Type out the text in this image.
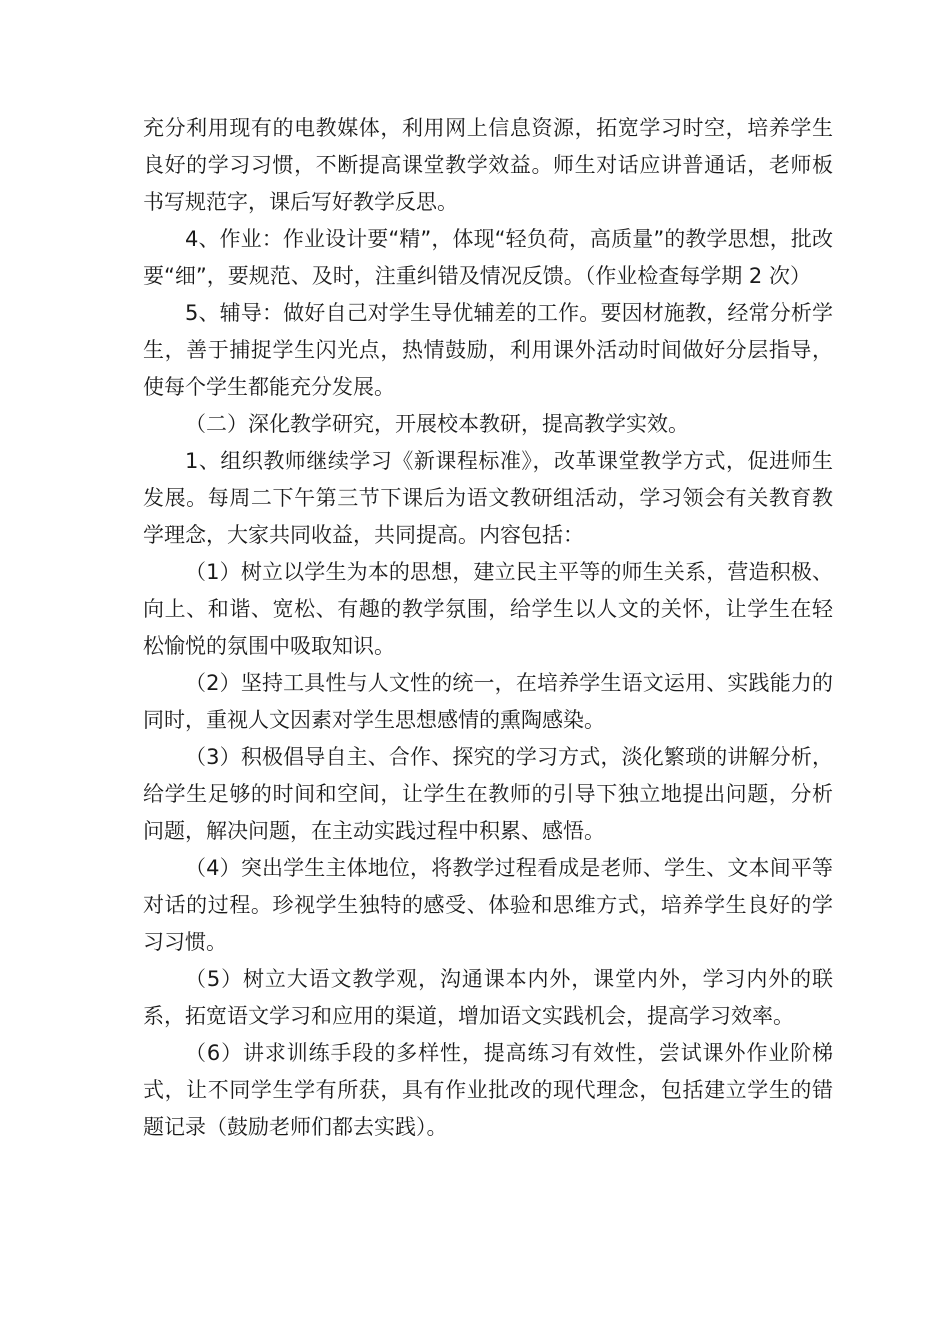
充分利用现有的电教媒体，利用网上信息资源，拓宽学习时空，培养学生良好的学习习惯，不断提高课堂教学效益。师生对话应讲普通话，老师板书写规范字，课后写好教学反思。

4、作业：作业设计要“精”，体现“轻负荷，高质量”的教学思想，批改要“细”，要规范、及时，注重纠错及情况反馈。（作业检查每学期 2 次）

5、辅导：做好自己对学生导优辅差的工作。要因材施教，经常分析学生，善于捕捉学生闪光点，热情鼓励，利用课外活动时间做好分层指导，使每个学生都能充分发展。

（二）深化教学研究，开展校本教研，提高教学实效。

1、组织教师继续学习《新课程标准》，改革课堂教学方式，促进师生发展。每周二下午第三节下课后为语文教研组活动，学习领会有关教育教学理念，大家共同收益，共同提高。内容包括：

（1）树立以学生为本的思想，建立民主平等的师生关系，营造积极、向上、和谐、宽松、有趣的教学氛围，给学生以人文的关怀，让学生在轻松愉悦的氛围中吸取知识。

（2）坚持工具性与人文性的统一，在培养学生语文运用、实践能力的同时，重视人文因素对学生思想感情的熏陶感染。

（3）积极倡导自主、合作、探究的学习方式，淡化繁琐的讲解分析，给学生足够的时间和空间，让学生在教师的引导下独立地提出问题，分析问题，解决问题，在主动实践过程中积累、感悟。

（4）突出学生主体地位，将教学过程看成是老师、学生、文本间平等对话的过程。珍视学生独特的感受、体验和思维方式，培养学生良好的学习习惯。

（5）树立大语文教学观，沟通课本内外，课堂内外，学习内外的联系，拓宽语文学习和应用的渠道，增加语文实践机会，提高学习效率。

（6）讲求训练手段的多样性，提高练习有效性，尝试课外作业阶梯式，让不同学生学有所获，具有作业批改的现代理念，包括建立学生的错题记录（鼓励老师们都去实践）。
